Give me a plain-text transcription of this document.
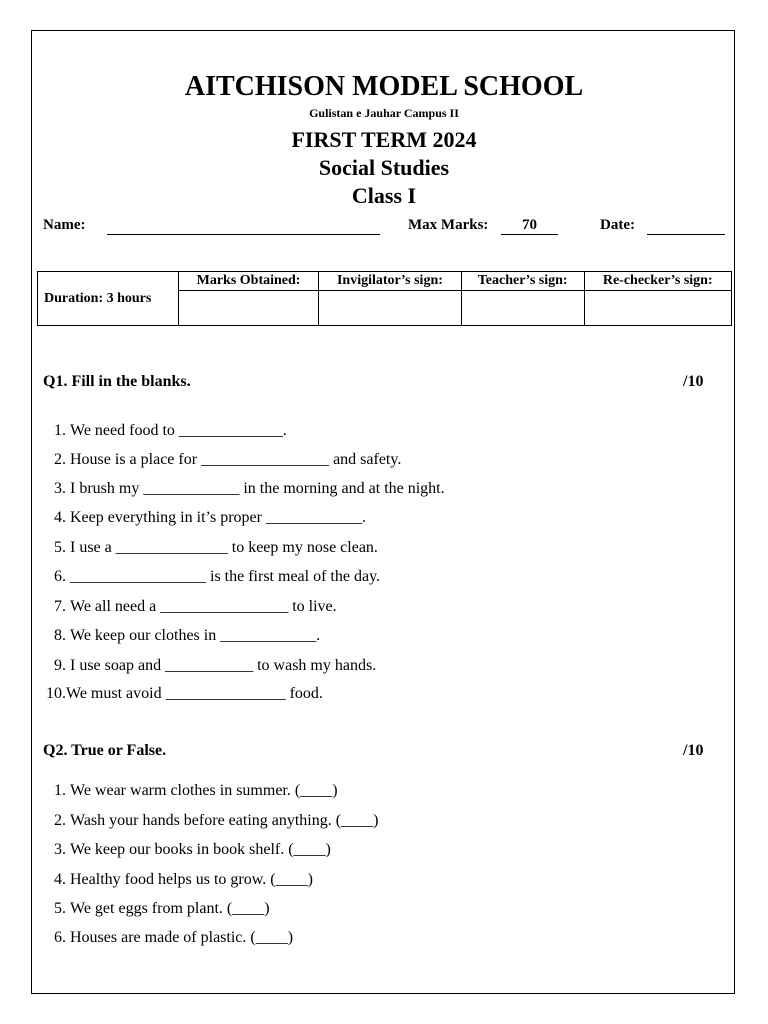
AITCHISON MODEL SCHOOL
Gulistan e Jauhar Campus II
FIRST TERM 2024
Social Studies
Class I
Name:	Max Marks:	70	Date:
Duration: 3 hours	Marks Obtained:	Invigilator’s sign:	Teacher’s sign:	Re-checker’s sign:

Q1. Fill in the blanks.	/10
1. We need food to _____________.
2. House is a place for ________________ and safety.
3. I brush my ____________ in the morning and at the night.
4. Keep everything in it’s proper ____________.
5. I use a ______________ to keep my nose clean.
6. _________________ is the first meal of the day.
7. We all need a ________________ to live.
8. We keep our clothes in ____________.
9. I use soap and ___________ to wash my hands.
10.We must avoid _______________ food.
Q2. True or False.	/10
1. We wear warm clothes in summer. (____)
2. Wash your hands before eating anything. (____)
3. We keep our books in book shelf. (____)
4. Healthy food helps us to grow. (____)
5. We get eggs from plant. (____)
6. Houses are made of plastic. (____)
